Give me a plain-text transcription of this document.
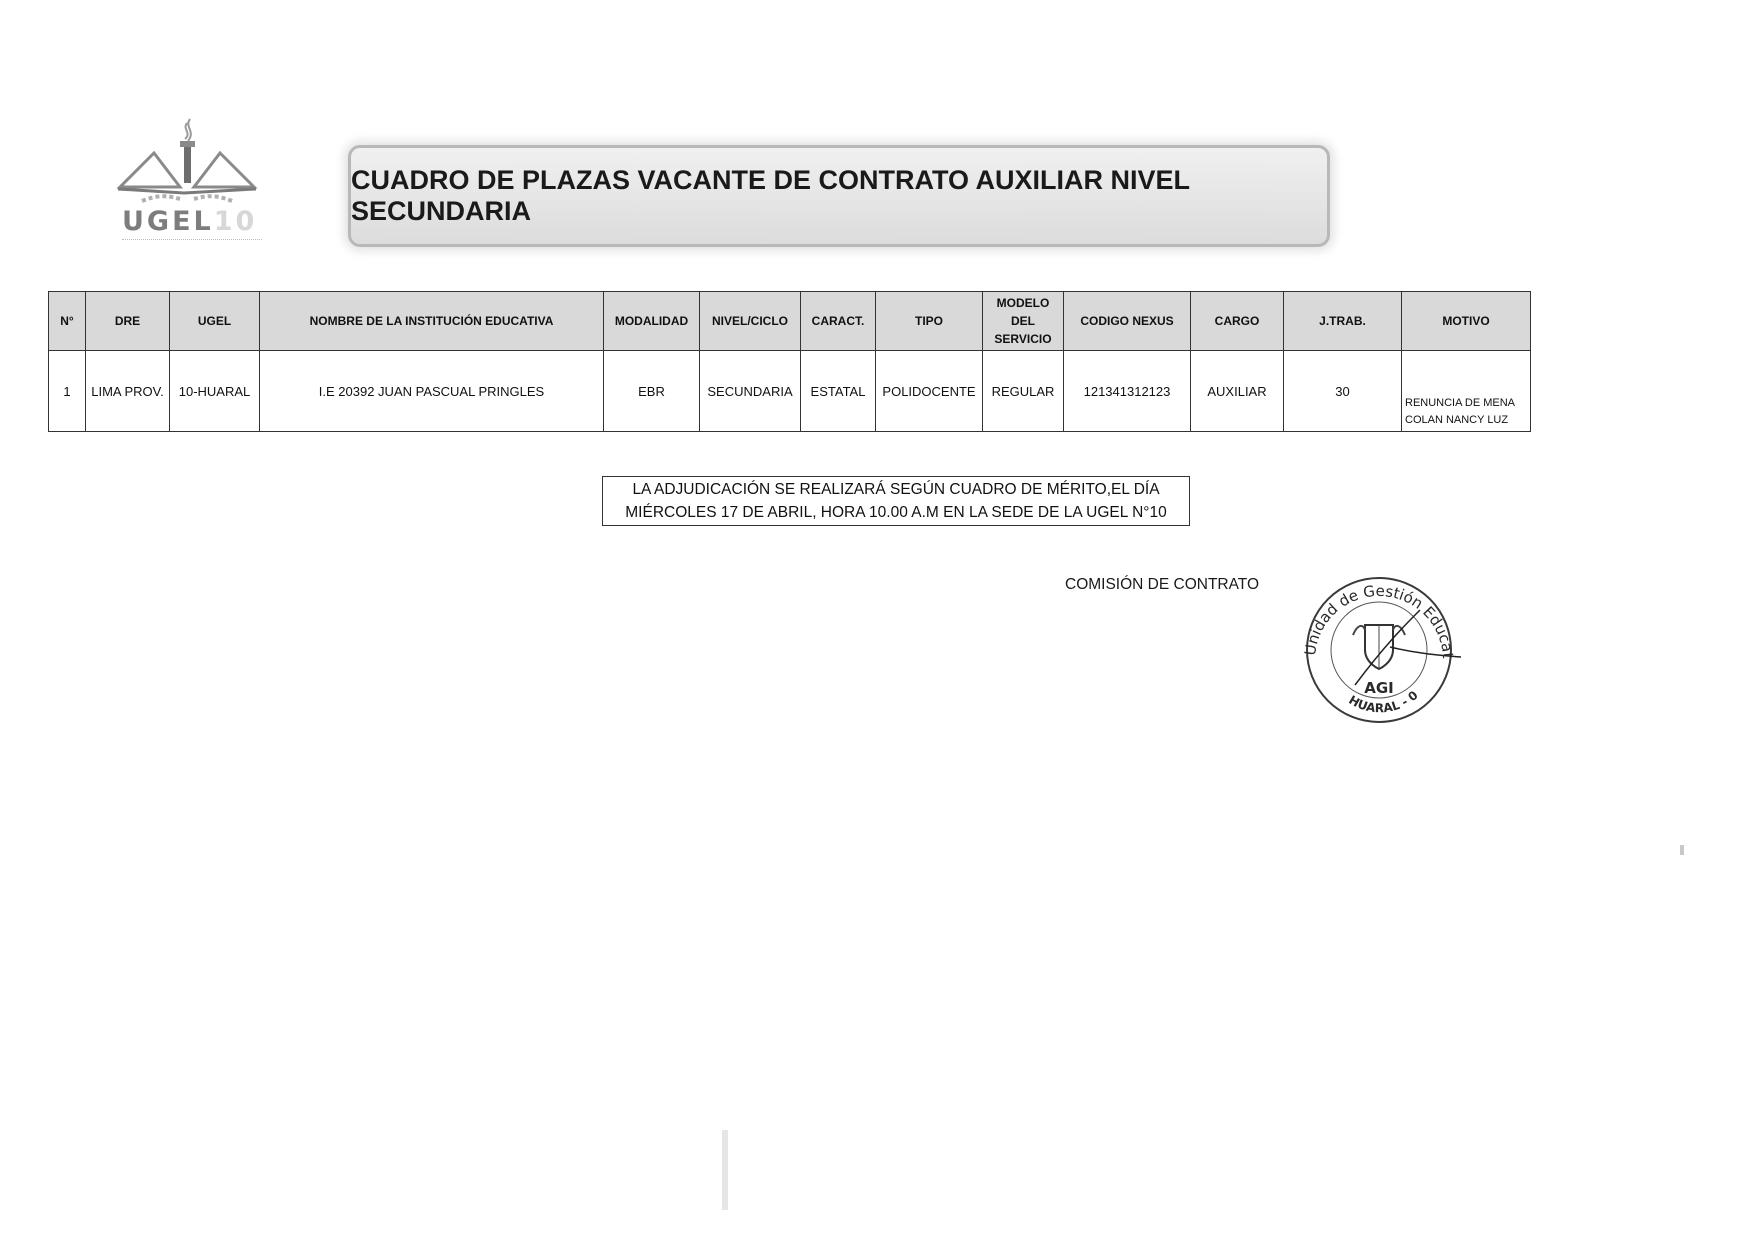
UGEL10
CUADRO DE PLAZAS VACANTE DE CONTRATO AUXILIAR NIVEL SECUNDARIA
N°	DRE	UGEL	NOMBRE DE LA INSTITUCIÓN EDUCATIVA	MODALIDAD	NIVEL/CICLO	CARACT.	TIPO	MODELO DEL SERVICIO	CODIGO NEXUS	CARGO	J.TRAB.	MOTIVO
1	LIMA PROV.	10-HUARAL	I.E 20392 JUAN PASCUAL PRINGLES	EBR	SECUNDARIA	ESTATAL	POLIDOCENTE	REGULAR	121341312123	AUXILIAR	30	RENUNCIA DE MENA COLAN NANCY LUZ
LA ADJUDICACIÓN SE REALIZARÁ SEGÚN CUADRO DE MÉRITO,EL DÍA
MIÉRCOLES 17 DE ABRIL, HORA 10.00 A.M EN LA SEDE DE LA UGEL N°10
COMISIÓN DE CONTRATO
Unidad de Gestión Educat
HUARAL - 0
AGI
